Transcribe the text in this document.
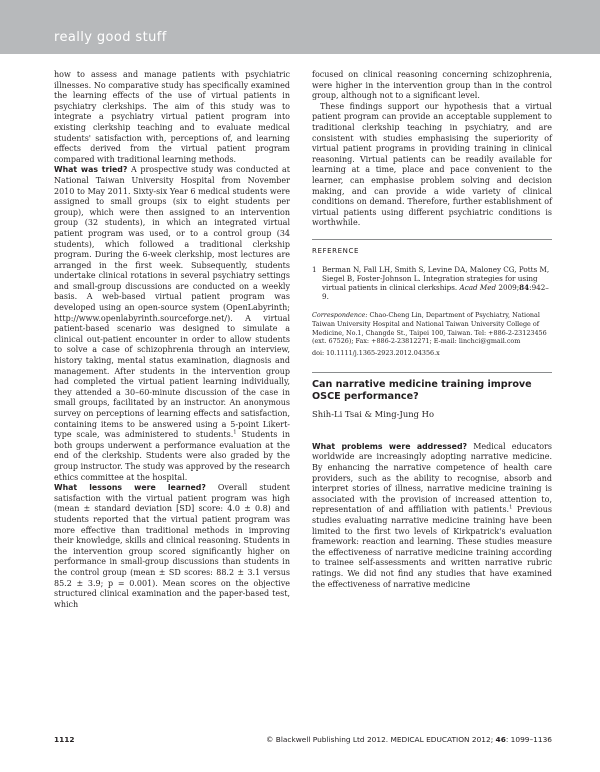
really good stuff

how to assess and manage patients with psychiatric illnesses. No comparative study has specifically examined the learning effects of the use of virtual patients in psychiatry clerkships. The aim of this study was to integrate a psychiatry virtual patient program into existing clerkship teaching and to evaluate medical students' satisfaction with, perceptions of, and learning effects derived from the virtual patient program compared with traditional learning methods.

What was tried? A prospective study was conducted at National Taiwan University Hospital from November 2010 to May 2011. Sixty-six Year 6 medical students were assigned to small groups (six to eight students per group), which were then assigned to an intervention group (32 students), in which an integrated virtual patient program was used, or to a control group (34 students), which followed a traditional clerkship program. During the 6-week clerkship, most lectures are arranged in the first week. Subsequently, students undertake clinical rotations in several psychiatry settings and small-group discussions are conducted on a weekly basis. A web-based virtual patient program was developed using an open-source system (OpenLabyrinth; http://www.openlabyrinth.sourceforge.net/). A virtual patient-based scenario was designed to simulate a clinical out-patient encounter in order to allow students to solve a case of schizophrenia through an interview, history taking, mental status examination, diagnosis and management. After students in the intervention group had completed the virtual patient learning individually, they attended a 30–60-minute discussion of the case in small groups, facilitated by an instructor. An anonymous survey on perceptions of learning effects and satisfaction, containing items to be answered using a 5-point Likert-type scale, was administered to students.$^1$ Students in both groups underwent a performance evaluation at the end of the clerkship. Students were also graded by the group instructor. The study was approved by the research ethics committee at the hospital.

What lessons were learned? Overall student satisfaction with the virtual patient program was high (mean ± standard deviation [SD] score: 4.0 ± 0.8) and students reported that the virtual patient program was more effective than traditional methods in improving their knowledge, skills and clinical reasoning. Students in the intervention group scored significantly higher on performance in small-group discussions than students in the control group (mean ± SD scores: 88.2 ± 3.1 versus 85.2 ± 3.9; p = 0.001). Mean scores on the objective structured clinical examination and the paper-based test, which

focused on clinical reasoning concerning schizophrenia, were higher in the intervention group than in the control group, although not to a significant level.

These findings support our hypothesis that a virtual patient program can provide an acceptable supplement to traditional clerkship teaching in psychiatry, and are consistent with studies emphasising the superiority of virtual patient programs in providing training in clinical reasoning. Virtual patients can be readily available for learning at a time, place and pace convenient to the learner, can emphasise problem solving and decision making, and can provide a wide variety of clinical conditions on demand. Therefore, further establishment of virtual patients using different psychiatric conditions is worthwhile.

REFERENCE
1 Berman N, Fall LH, Smith S, Levine DA, Maloney CG, Potts M, Siegel B, Foster-Johnson L. Integration strategies for using virtual patients in clinical clerkships. Acad Med 2009;84:942–9.
Correspondence: Chao-Cheng Lin, Department of Psychiatry, National Taiwan University Hospital and National Taiwan University College of Medicine, No.1, Changde St., Taipei 100, Taiwan. Tel: +886-2-23123456 (ext. 67526); Fax: +886-2-23812271; E-mail: linchci@gmail.com
doi: 10.1111/j.1365-2923.2012.04356.x
Can narrative medicine training improve OSCE performance?
Shih-Li Tsai & Ming-Jung Ho

What problems were addressed? Medical educators worldwide are increasingly adopting narrative medicine. By enhancing the narrative competence of health care providers, such as the ability to recognise, absorb and interpret stories of illness, narrative medicine training is associated with the provision of increased attention to, representation of and affiliation with patients.$^1$ Previous studies evaluating narrative medicine training have been limited to the first two levels of Kirkpatrick's evaluation framework: reaction and learning. These studies measure the effectiveness of narrative medicine training according to trainee self-assessments and written narrative rubric ratings. We did not find any studies that have examined the effectiveness of narrative medicine

1112	© Blackwell Publishing Ltd 2012. MEDICAL EDUCATION 2012; 46: 1099–1136
